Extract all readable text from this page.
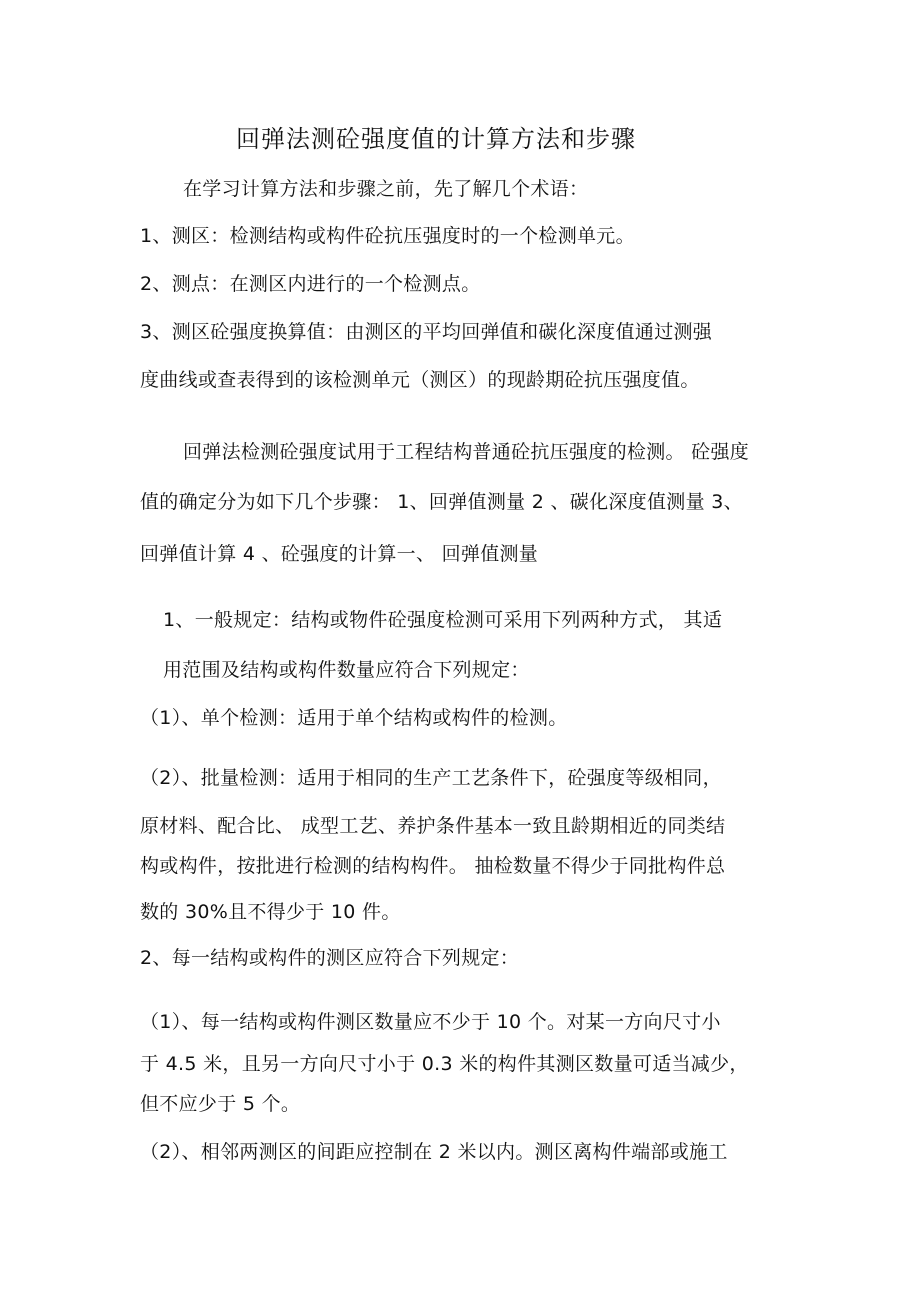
回弹法测砼强度值的计算方法和步骤
在学习计算方法和步骤之前，先了解几个术语：
1、测区：检测结构或构件砼抗压强度时的一个检测单元。
2、测点：在测区内进行的一个检测点。
3、测区砼强度换算值：由测区的平均回弹值和碳化深度值通过测强
度曲线或查表得到的该检测单元（测区）的现龄期砼抗压强度值。
回弹法检测砼强度试用于工程结构普通砼抗压强度的检测。 砼强度
值的确定分为如下几个步骤： 1、回弹值测量 2 、碳化深度值测量 3、
回弹值计算 4 、砼强度的计算一、 回弹值测量
1、一般规定：结构或物件砼强度检测可采用下列两种方式， 其适
用范围及结构或构件数量应符合下列规定：
（1）、单个检测：适用于单个结构或构件的检测。
（2）、批量检测：适用于相同的生产工艺条件下，砼强度等级相同，
原材料、配合比、 成型工艺、养护条件基本一致且龄期相近的同类结
构或构件，按批进行检测的结构构件。 抽检数量不得少于同批构件总
数的 30%且不得少于 10 件。
2、每一结构或构件的测区应符合下列规定：
（1）、每一结构或构件测区数量应不少于 10 个。对某一方向尺寸小
于 4.5 米，且另一方向尺寸小于 0.3 米的构件其测区数量可适当减少，
但不应少于 5 个。
（2）、相邻两测区的间距应控制在 2 米以内。测区离构件端部或施工
